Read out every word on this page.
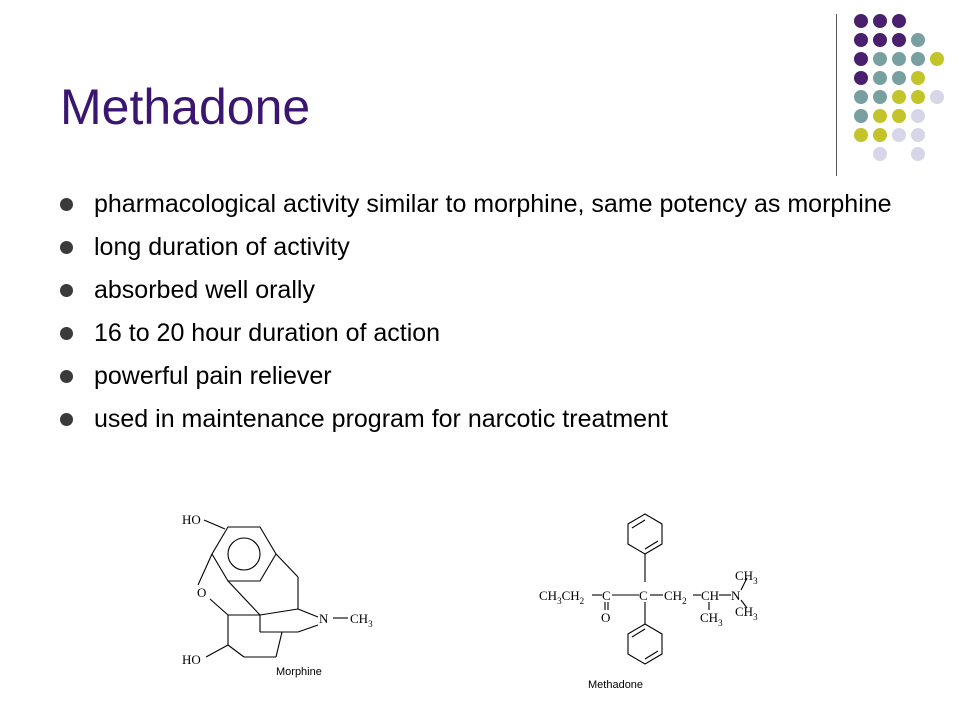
Methadone
pharmacological activity similar to morphine, same potency as morphine
long duration of activity
absorbed well orally
16 to 20 hour duration of action
powerful pain reliever
used in maintenance program for narcotic treatment
HO
O
N $CH_3$
HO
Morphine
$CH_3CH_2$ C C
O
$CH_2$ CH N
$CH_3$
$CH_3$
$CH_3$
Methadone
